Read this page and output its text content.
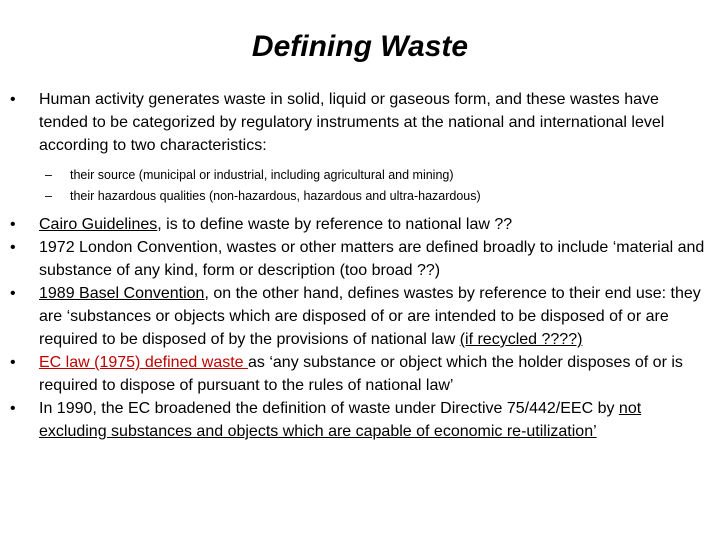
Defining Waste

• Human activity generates waste in solid, liquid or gaseous form, and these wastes have tended to be categorized by regulatory instruments at the national and international level according to two characteristics:

– their source (municipal or industrial, including agricultural and mining)

– their hazardous qualities (non-hazardous, hazardous and ultra-hazardous)

• Cairo Guidelines, is to define waste by reference to national law ??

• 1972 London Convention, wastes or other matters are defined broadly to include ‘material and substance of any kind, form or description (too broad ??)

• 1989 Basel Convention, on the other hand, defines wastes by reference to their end use: they are ‘substances or objects which are disposed of or are intended to be disposed of or are required to be disposed of by the provisions of national law (if recycled ????)

• EC law (1975) defined waste as ‘any substance or object which the holder disposes of or is required to dispose of pursuant to the rules of national law’

• In 1990, the EC broadened the definition of waste under Directive 75/442/EEC by not excluding substances and objects which are capable of economic re-utilization’
